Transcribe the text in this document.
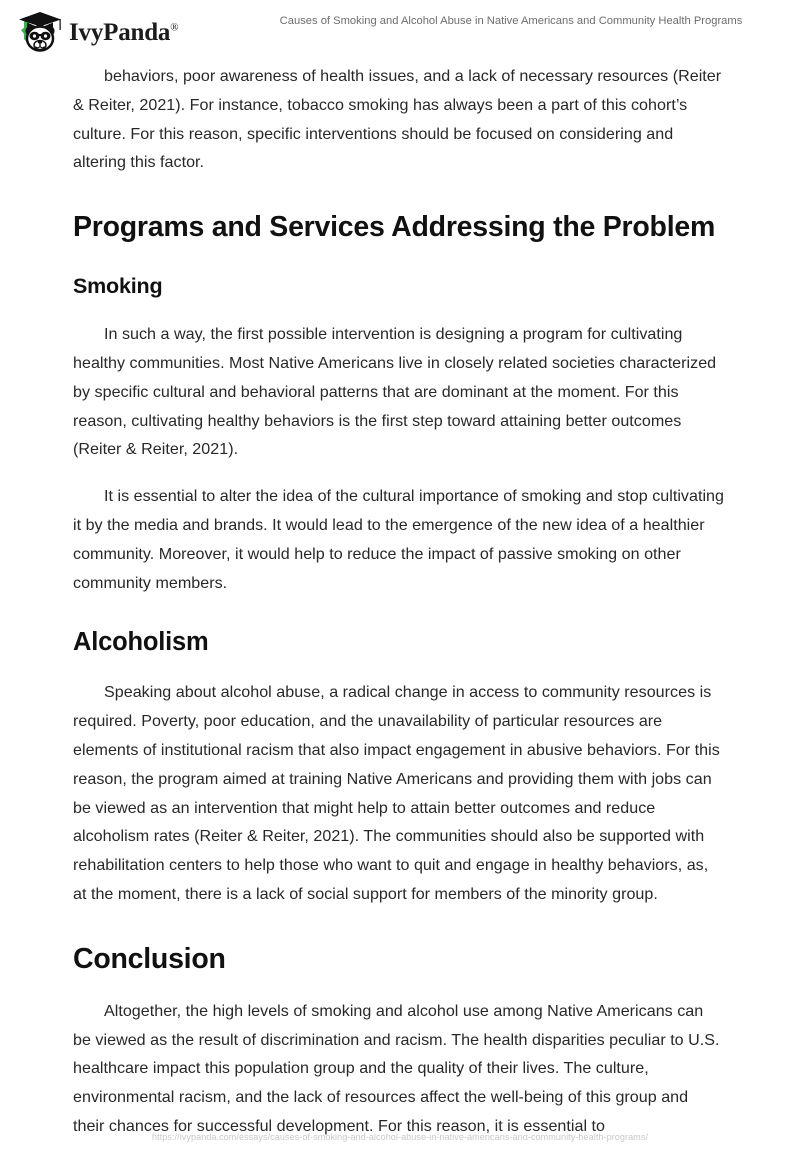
IvyPanda®
Causes of Smoking and Alcohol Abuse in Native Americans and Community Health Programs

behaviors, poor awareness of health issues, and a lack of necessary resources (Reiter & Reiter, 2021). For instance, tobacco smoking has always been a part of this cohort’s culture. For this reason, specific interventions should be focused on considering and altering this factor.

Programs and Services Addressing the Problem
Smoking

In such a way, the first possible intervention is designing a program for cultivating healthy communities. Most Native Americans live in closely related societies characterized by specific cultural and behavioral patterns that are dominant at the moment. For this reason, cultivating healthy behaviors is the first step toward attaining better outcomes (Reiter & Reiter, 2021).

It is essential to alter the idea of the cultural importance of smoking and stop cultivating it by the media and brands. It would lead to the emergence of the new idea of a healthier community. Moreover, it would help to reduce the impact of passive smoking on other community members.

Alcoholism

Speaking about alcohol abuse, a radical change in access to community resources is required. Poverty, poor education, and the unavailability of particular resources are elements of institutional racism that also impact engagement in abusive behaviors. For this reason, the program aimed at training Native Americans and providing them with jobs can be viewed as an intervention that might help to attain better outcomes and reduce alcoholism rates (Reiter & Reiter, 2021). The communities should also be supported with rehabilitation centers to help those who want to quit and engage in healthy behaviors, as, at the moment, there is a lack of social support for members of the minority group.

Conclusion

Altogether, the high levels of smoking and alcohol use among Native Americans can be viewed as the result of discrimination and racism. The health disparities peculiar to U.S. healthcare impact this population group and the quality of their lives. The culture, environmental racism, and the lack of resources affect the well-being of this group and their chances for successful development. For this reason, it is essential to

https://ivypanda.com/essays/causes-of-smoking-and-alcohol-abuse-in-native-americans-and-community-health-programs/
